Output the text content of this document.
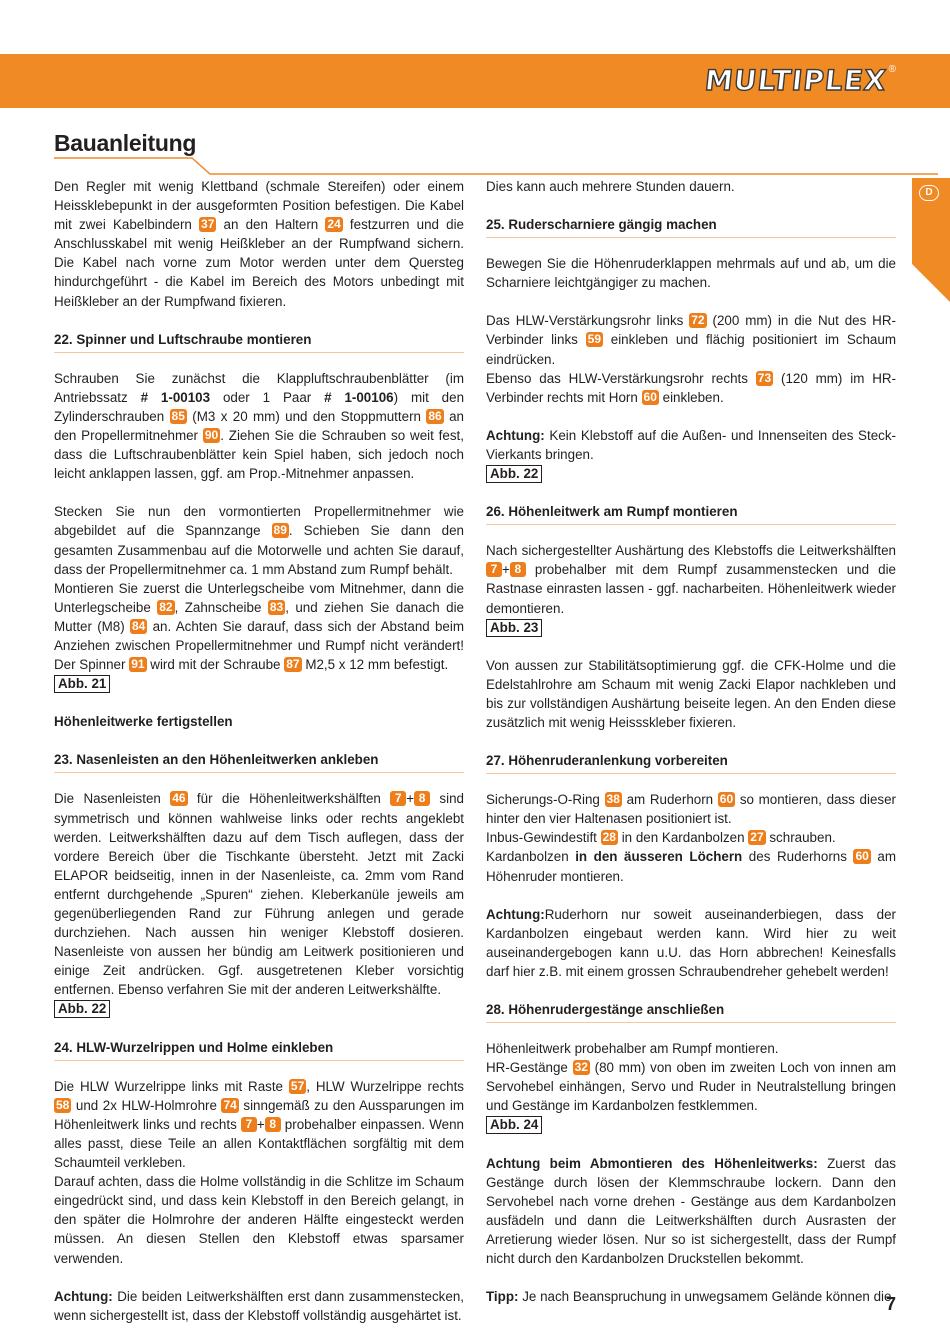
MULTIPLEX ®
Bauanleitung
D

Den Regler mit wenig Klettband (schmale Stereifen) oder einem Heissklebepunkt in der ausgeformten Position befestigen. Die Kabel mit zwei Kabelbindern 37 an den Haltern 24 festzurren und die Anschlusskabel mit wenig Heißkleber an der Rumpfwand sichern. Die Kabel nach vorne zum Motor werden unter dem Quersteg hindurchgeführt - die Kabel im Bereich des Motors unbedingt mit Heißkleber an der Rumpfwand fixieren.

22. Spinner und Luftschraube montieren

Schrauben Sie zunächst die Klappluftschraubenblätter (im Antriebssatz # 1-00103 oder 1 Paar # 1-00106) mit den Zylinderschrauben 85 (M3 x 20 mm) und den Stoppmuttern 86 an den Propellermitnehmer 90 . Ziehen Sie die Schrauben so weit fest, dass die Luftschraubenblätter kein Spiel haben, sich jedoch noch leicht anklappen lassen, ggf. am Prop.-Mitnehmer anpassen.

Stecken Sie nun den vormontierten Propellermitnehmer wie abgebildet auf die Spannzange 89 . Schieben Sie dann den gesamten Zusammenbau auf die Motorwelle und achten Sie darauf, dass der Propellermitnehmer ca. 1 mm Abstand zum Rumpf behält.

Montieren Sie zuerst die Unterlegscheibe vom Mitnehmer, dann die Unterlegscheibe 82 , Zahnscheibe 83 , und ziehen Sie danach die Mutter (M8) 84 an. Achten Sie darauf, dass sich der Abstand beim Anziehen zwischen Propellermitnehmer und Rumpf nicht verändert! Der Spinner 91 wird mit der Schraube 87 M2,5 x 12 mm befestigt.

Abb. 21

Höhenleitwerke fertigstellen

23. Nasenleisten an den Höhenleitwerken ankleben

Die Nasenleisten 46 für die Höhenleitwerkshälften 7 + 8 sind symmetrisch und können wahlweise links oder rechts angeklebt werden. Leitwerkshälften dazu auf dem Tisch auflegen, dass der vordere Bereich über die Tischkante übersteht. Jetzt mit Zacki ELAPOR beidseitig, innen in der Nasenleiste, ca. 2mm vom Rand entfernt durchgehende „Spuren“ ziehen. Kleberkanüle jeweils am gegenüberliegenden Rand zur Führung anlegen und gerade durchziehen. Nach aussen hin weniger Klebstoff dosieren. Nasenleiste von aussen her bündig am Leitwerk positionieren und einige Zeit andrücken. Ggf. ausgetretenen Kleber vorsichtig entfernen. Ebenso verfahren Sie mit der anderen Leitwerkshälfte.

Abb. 22

24. HLW-Wurzelrippen und Holme einkleben

Die HLW Wurzelrippe links mit Raste 57 , HLW Wurzelrippe rechts 58 und 2x HLW-Holmrohre 74 sinngemäß zu den Aussparungen im Höhenleitwerk links und rechts 7 + 8 probehalber einpassen. Wenn alles passt, diese Teile an allen Kontaktflächen sorgfältig mit dem Schaumteil verkleben.

Darauf achten, dass die Holme vollständig in die Schlitze im Schaum eingedrückt sind, und dass kein Klebstoff in den Bereich gelangt, in den später die Holmrohre der anderen Hälfte eingesteckt werden müssen. An diesen Stellen den Klebstoff etwas sparsamer verwenden.

Achtung: Die beiden Leitwerkshälften erst dann zusammenstecken, wenn sichergestellt ist, dass der Klebstoff vollständig ausgehärtet ist.

Dies kann auch mehrere Stunden dauern.

25. Ruderscharniere gängig machen

Bewegen Sie die Höhenruderklappen mehrmals auf und ab, um die Scharniere leichtgängiger zu machen.

Das HLW-Verstärkungsrohr links 72 (200 mm) in die Nut des HR-Verbinder links 59 einkleben und flächig positioniert im Schaum eindrücken.

Ebenso das HLW-Verstärkungsrohr rechts 73 (120 mm) im HR-Verbinder rechts mit Horn 60 einkleben.

Achtung: Kein Klebstoff auf die Außen- und Innenseiten des Steck-Vierkants bringen.

Abb. 22

26. Höhenleitwerk am Rumpf montieren

Nach sichergestellter Aushärtung des Klebstoffs die Leitwerkshälften 7 + 8 probehalber mit dem Rumpf zusammenstecken und die Rastnase einrasten lassen - ggf. nacharbeiten. Höhenleitwerk wieder demontieren.

Abb. 23

Von aussen zur Stabilitätsoptimierung ggf. die CFK-Holme und die Edelstahlrohre am Schaum mit wenig Zacki Elapor nachkleben und bis zur vollständigen Aushärtung beiseite legen. An den Enden diese zusätzlich mit wenig Heissskleber fixieren.

27. Höhenruderanlenkung vorbereiten

Sicherungs-O-Ring 38 am Ruderhorn 60 so montieren, dass dieser hinter den vier Haltenasen positioniert ist.

Inbus-Gewindestift 28 in den Kardanbolzen 27 schrauben.

Kardanbolzen in den äusseren Löchern des Ruderhorns 60 am Höhenruder montieren.

Achtung:Ruderhorn nur soweit auseinanderbiegen, dass der Kardanbolzen eingebaut werden kann. Wird hier zu weit auseinandergebogen kann u.U. das Horn abbrechen! Keinesfalls darf hier z.B. mit einem grossen Schraubendreher gehebelt werden!

28. Höhenrudergestänge anschließen

Höhenleitwerk probehalber am Rumpf montieren.

HR-Gestänge 32 (80 mm) von oben im zweiten Loch von innen am Servohebel einhängen, Servo und Ruder in Neutralstellung bringen und Gestänge im Kardanbolzen festklemmen.

Abb. 24

Achtung beim Abmontieren des Höhenleitwerks: Zuerst das Gestänge durch lösen der Klemmschraube lockern. Dann den Servohebel nach vorne drehen - Gestänge aus dem Kardanbolzen ausfädeln und dann die Leitwerkshälften durch Ausrasten der Arretierung wieder lösen. Nur so ist sichergestellt, dass der Rumpf nicht durch den Kardanbolzen Druckstellen bekommt.

Tipp: Je nach Beanspruchung in unwegsamem Gelände können die

7
